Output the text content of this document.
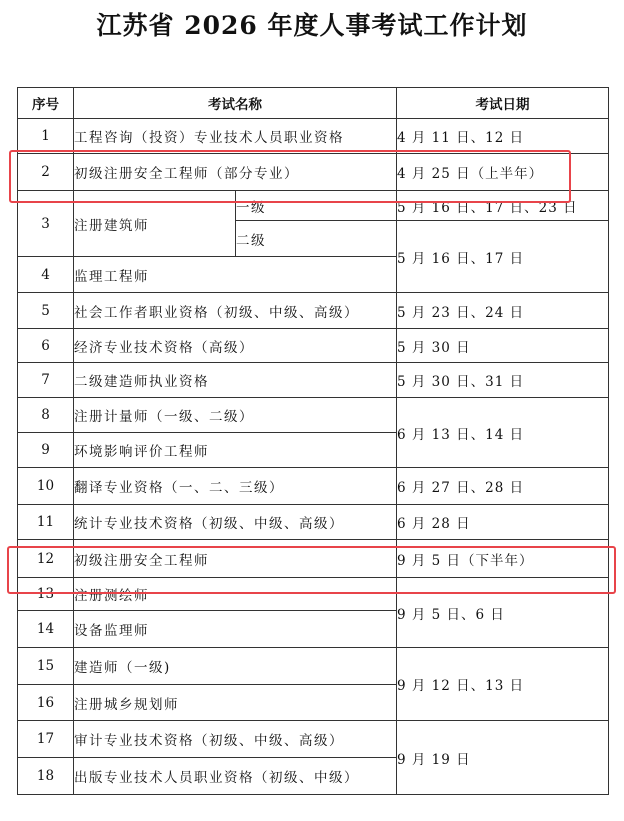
江苏省 2026 年度人事考试工作计划
序号	考试名称		考试日期
1	工程咨询（投资）专业技术人员职业资格		4 月 11 日、12 日
2	初级注册安全工程师（部分专业）		4 月 25 日（上半年）
3	注册建筑师	一级	5 月 16 日、17 日、23 日
		二级	5 月 16 日、17 日
4	监理工程师		
5	社会工作者职业资格（初级、中级、高级）		5 月 23 日、24 日
6	经济专业技术资格（高级）		5 月 30 日
7	二级建造师执业资格		5 月 30 日、31 日
8	注册计量师（一级、二级）		6 月 13 日、14 日
9	环境影响评价工程师		
10	翻译专业资格（一、二、三级）		6 月 27 日、28 日
11	统计专业技术资格（初级、中级、高级）		6 月 28 日
12	初级注册安全工程师		9 月 5 日（下半年）
13	注册测绘师		9 月 5 日、6 日
14	设备监理师		
15	建造师（一级)		9 月 12 日、13 日
16	注册城乡规划师		
17	审计专业技术资格（初级、中级、高级）		9 月 19 日
18	出版专业技术人员职业资格（初级、中级）		
